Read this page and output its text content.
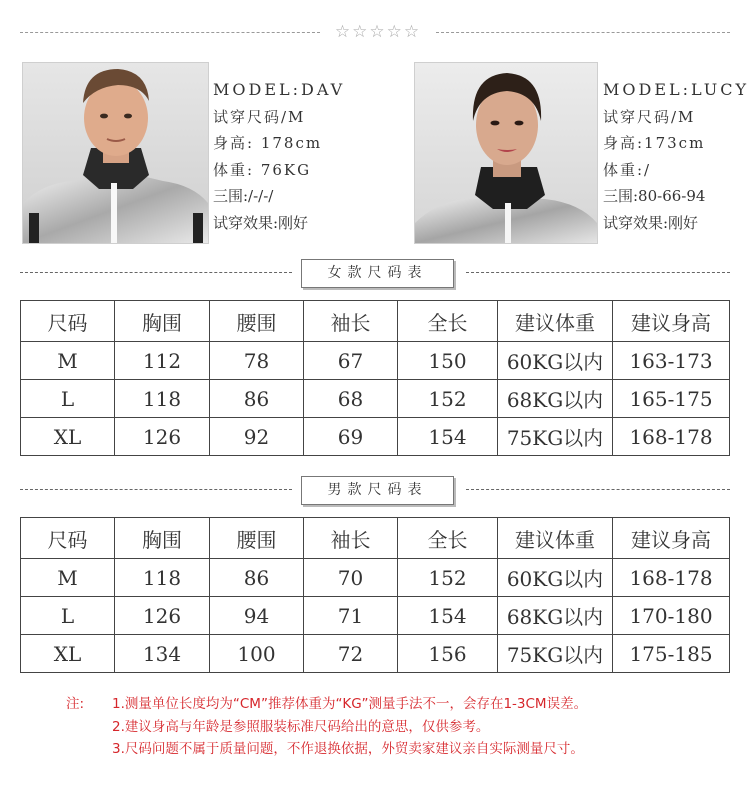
☆☆☆☆☆
MODEL:DAV
试穿尺码/M
身高: 178cm
体重: 76KG
三围:/-/-/
试穿效果:刚好
MODEL:LUCY
试穿尺码/M
身高:173cm
体重:/
三围:80-66-94
试穿效果:刚好
女款尺码表
尺码	胸围	腰围	袖长	全长	建议体重	建议身高
M	112	78	67	150	60KG以内	163-173
L	118	86	68	152	68KG以内	165-175
XL	126	92	69	154	75KG以内	168-178
男款尺码表
尺码	胸围	腰围	袖长	全长	建议体重	建议身高
M	118	86	70	152	60KG以内	168-178
L	126	94	71	154	68KG以内	170-180
XL	134	100	72	156	75KG以内	175-185
注: 1.测量单位长度均为“CM”推荐体重为“KG”测量手法不一，会存在1-3CM误差。
2.建议身高与年龄是参照服装标准尺码给出的意思，仅供参考。
3.尺码问题不属于质量问题，不作退换依据，外贸卖家建议亲自实际测量尺寸。
